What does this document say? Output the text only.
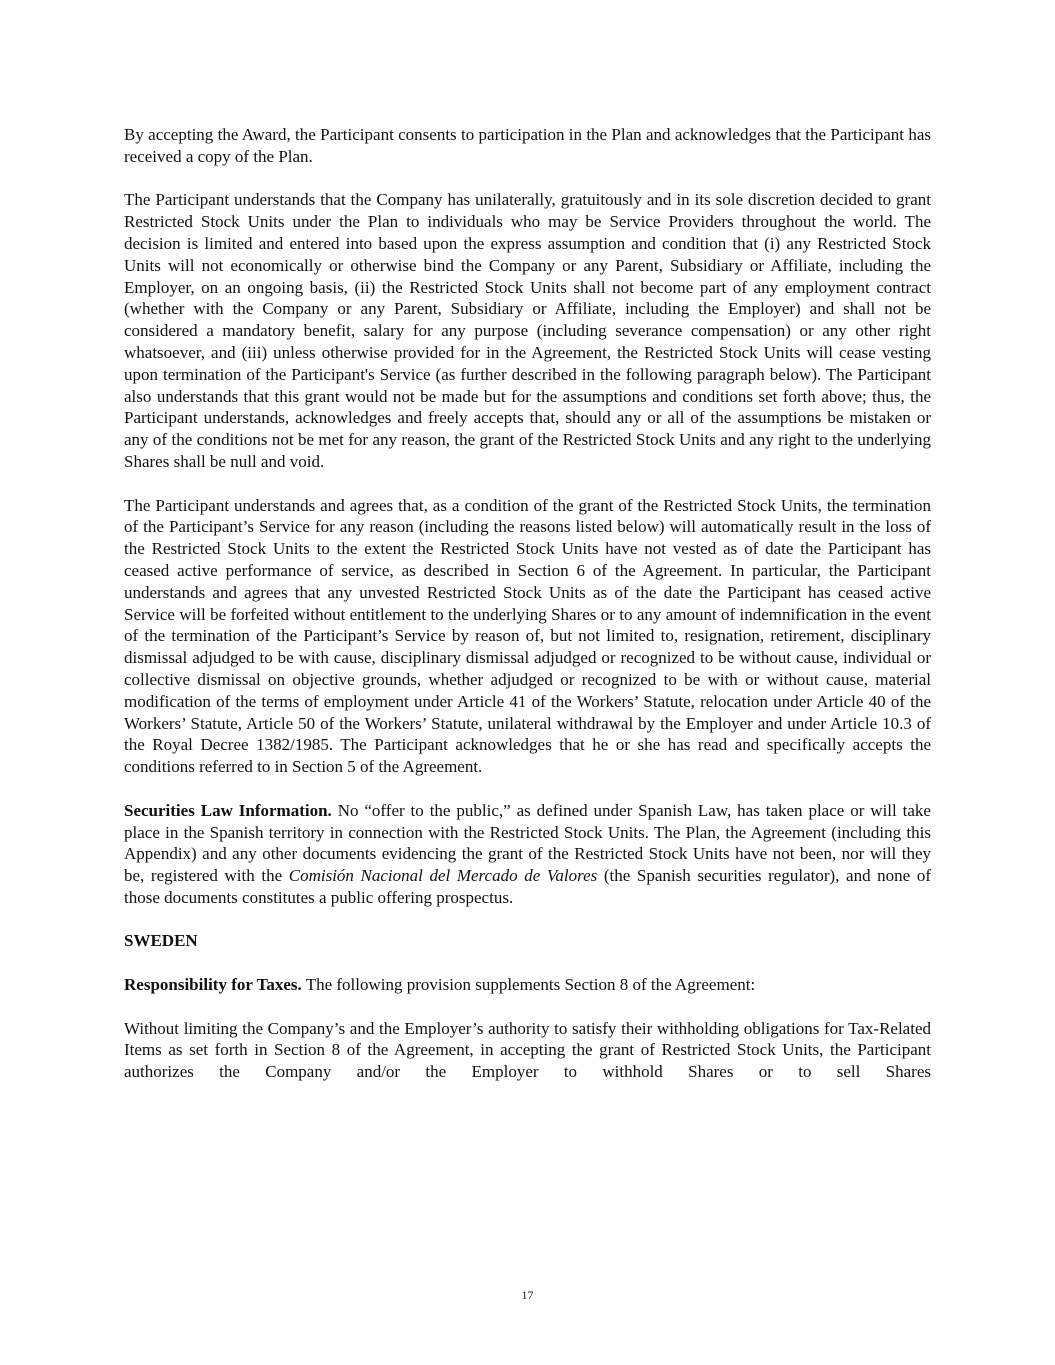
By accepting the Award, the Participant consents to participation in the Plan and acknowledges that the Participant has received a copy of the Plan.

The Participant understands that the Company has unilaterally, gratuitously and in its sole discretion decided to grant Restricted Stock Units under the Plan to individuals who may be Service Providers throughout the world. The decision is limited and entered into based upon the express assumption and condition that (i) any Restricted Stock Units will not economically or otherwise bind the Company or any Parent, Subsidiary or Affiliate, including the Employer, on an ongoing basis, (ii) the Restricted Stock Units shall not become part of any employment contract (whether with the Company or any Parent, Subsidiary or Affiliate, including the Employer) and shall not be considered a mandatory benefit, salary for any purpose (including severance compensation) or any other right whatsoever, and (iii) unless otherwise provided for in the Agreement, the Restricted Stock Units will cease vesting upon termination of the Participant's Service (as further described in the following paragraph below). The Participant also understands that this grant would not be made but for the assumptions and conditions set forth above; thus, the Participant understands, acknowledges and freely accepts that, should any or all of the assumptions be mistaken or any of the conditions not be met for any reason, the grant of the Restricted Stock Units and any right to the underlying Shares shall be null and void.

The Participant understands and agrees that, as a condition of the grant of the Restricted Stock Units, the termination of the Participant’s Service for any reason (including the reasons listed below) will automatically result in the loss of the Restricted Stock Units to the extent the Restricted Stock Units have not vested as of date the Participant has ceased active performance of service, as described in Section 6 of the Agreement. In particular, the Participant understands and agrees that any unvested Restricted Stock Units as of the date the Participant has ceased active Service will be forfeited without entitlement to the underlying Shares or to any amount of indemnification in the event of the termination of the Participant’s Service by reason of, but not limited to, resignation, retirement, disciplinary dismissal adjudged to be with cause, disciplinary dismissal adjudged or recognized to be without cause, individual or collective dismissal on objective grounds, whether adjudged or recognized to be with or without cause, material modification of the terms of employment under Article 41 of the Workers’ Statute, relocation under Article 40 of the Workers’ Statute, Article 50 of the Workers’ Statute, unilateral withdrawal by the Employer and under Article 10.3 of the Royal Decree 1382/1985. The Participant acknowledges that he or she has read and specifically accepts the conditions referred to in Section 5 of the Agreement.

Securities Law Information. No “offer to the public,” as defined under Spanish Law, has taken place or will take place in the Spanish territory in connection with the Restricted Stock Units. The Plan, the Agreement (including this Appendix) and any other documents evidencing the grant of the Restricted Stock Units have not been, nor will they be, registered with the Comisión Nacional del Mercado de Valores (the Spanish securities regulator), and none of those documents constitutes a public offering prospectus.

SWEDEN

Responsibility for Taxes. The following provision supplements Section 8 of the Agreement:

Without limiting the Company’s and the Employer’s authority to satisfy their withholding obligations for Tax-Related Items as set forth in Section 8 of the Agreement, in accepting the grant of Restricted Stock Units, the Participant authorizes the Company and/or the Employer to withhold Shares or to sell Shares

17
